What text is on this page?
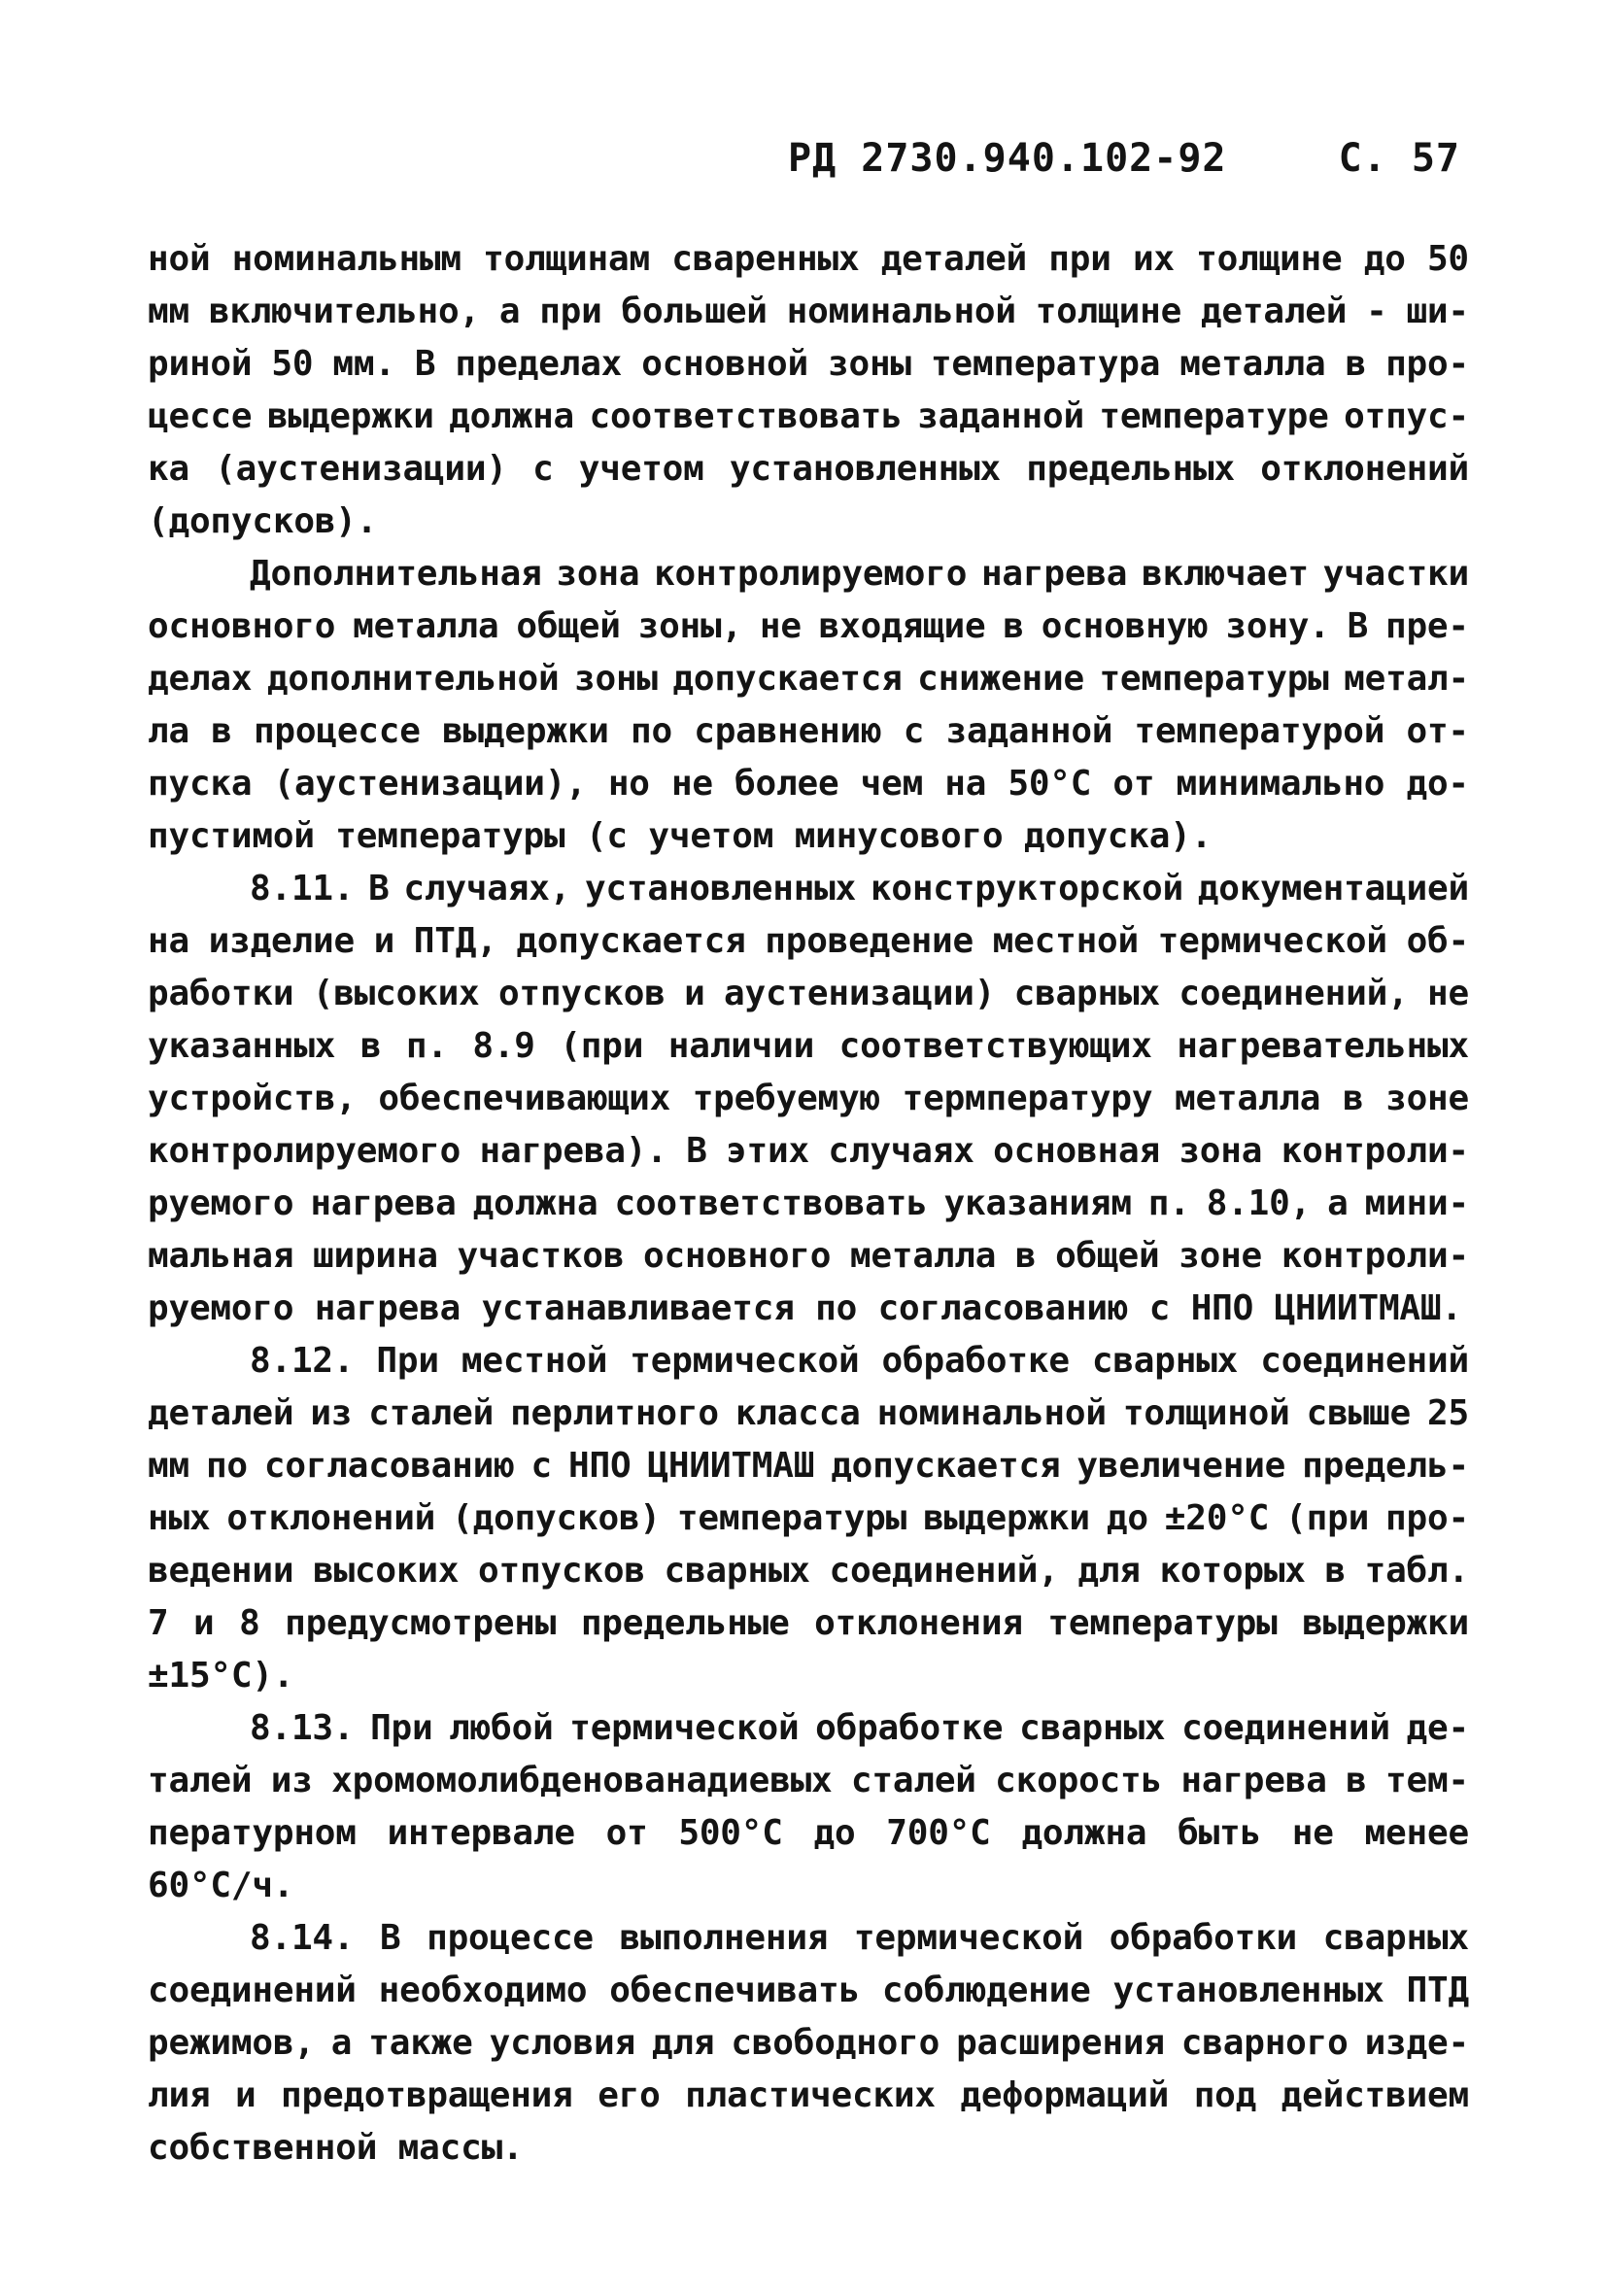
РД 2730.940.102-92	С. 57
ной номинальным толщинам сваренных деталей при их толщине до 50
мм включительно, а при большей номинальной толщине деталей - ши-
риной 50 мм. В пределах основной зоны температура металла в про-
цессе выдержки должна соответствовать заданной температуре отпус-
ка (аустенизации) с учетом установленных предельных отклонений
(допусков).
Дополнительная зона контролируемого нагрева включает участки
основного металла общей зоны, не входящие в основную зону. В пре-
делах дополнительной зоны допускается снижение температуры метал-
ла в процессе выдержки по сравнению с заданной температурой от-
пуска (аустенизации), но не более чем на 50°С от минимально до-
пустимой температуры (с учетом минусового допуска).
8.11. В случаях, установленных конструкторской документацией
на изделие и ПТД, допускается проведение местной термической об-
работки (высоких отпусков и аустенизации) сварных соединений, не
указанных в п. 8.9 (при наличии соответствующих нагревательных
устройств, обеспечивающих требуемую термпературу металла в зоне
контролируемого нагрева). В этих случаях основная зона контроли-
руемого нагрева должна соответствовать указаниям п. 8.10, а мини-
мальная ширина участков основного металла в общей зоне контроли-
руемого нагрева устанавливается по согласованию с НПО ЦНИИТМАШ.
8.12. При местной термической обработке сварных соединений
деталей из сталей перлитного класса номинальной толщиной свыше 25
мм по согласованию с НПО ЦНИИТМАШ допускается увеличение предель-
ных отклонений (допусков) температуры выдержки до ±20°С (при про-
ведении высоких отпусков сварных соединений, для которых в табл.
7 и 8 предусмотрены предельные отклонения температуры выдержки
±15°С).
8.13. При любой термической обработке сварных соединений де-
талей из хромомолибденованадиевых сталей скорость нагрева в тем-
пературном интервале от 500°С до 700°С должна быть не менее
60°С/ч.
8.14. В процессе выполнения термической обработки сварных
соединений необходимо обеспечивать соблюдение установленных ПТД
режимов, а также условия для свободного расширения сварного изде-
лия и предотвращения его пластических деформаций под действием
собственной массы.
